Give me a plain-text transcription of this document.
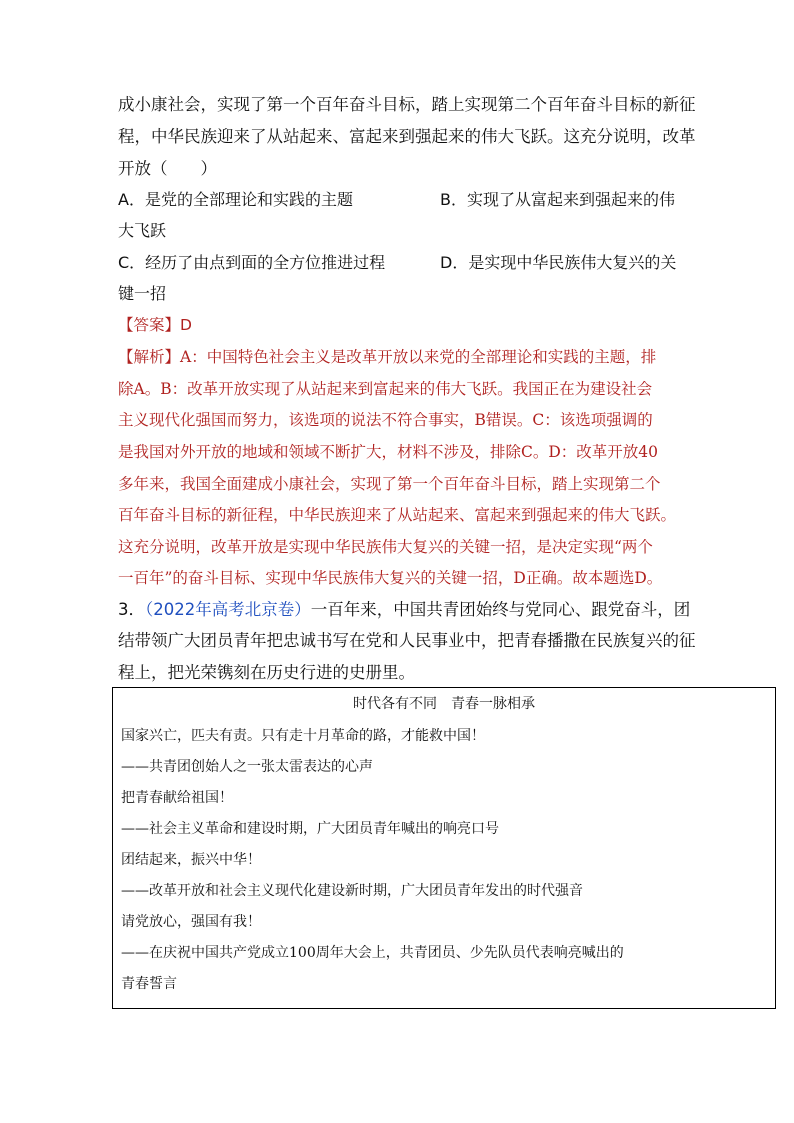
成小康社会，实现了第一个百年奋斗目标，踏上实现第二个百年奋斗目标的新征
程，中华民族迎来了从站起来、富起来到强起来的伟大飞跃。这充分说明，改革
开放（　　）
A．是党的全部理论和实践的主题	B．实现了从富起来到强起来的伟
大飞跃
C．经历了由点到面的全方位推进过程	D．是实现中华民族伟大复兴的关
键一招
【答案】D
【解析】A：中国特色社会主义是改革开放以来党的全部理论和实践的主题，排
除A。B：改革开放实现了从站起来到富起来的伟大飞跃。我国正在为建设社会
主义现代化强国而努力，该选项的说法不符合事实，B错误。C：该选项强调的
是我国对外开放的地域和领域不断扩大，材料不涉及，排除C。D：改革开放40
多年来，我国全面建成小康社会，实现了第一个百年奋斗目标，踏上实现第二个
百年奋斗目标的新征程，中华民族迎来了从站起来、富起来到强起来的伟大飞跃。
这充分说明，改革开放是实现中华民族伟大复兴的关键一招，是决定实现“两个
一百年”的奋斗目标、实现中华民族伟大复兴的关键一招，D正确。故本题选D。
3．（2022年高考北京卷）一百年来，中国共青团始终与党同心、跟党奋斗，团
结带领广大团员青年把忠诚书写在党和人民事业中，把青春播撒在民族复兴的征
程上，把光荣镌刻在历史行进的史册里。
时代各有不同　青春一脉相承
国家兴亡，匹夫有责。只有走十月革命的路，才能救中国！
——共青团创始人之一张太雷表达的心声
把青春献给祖国！
——社会主义革命和建设时期，广大团员青年喊出的响亮口号
团结起来，振兴中华！
——改革开放和社会主义现代化建设新时期，广大团员青年发出的时代强音
请党放心，强国有我！
——在庆祝中国共产党成立100周年大会上，共青团员、少先队员代表响亮喊出的
青春誓言
